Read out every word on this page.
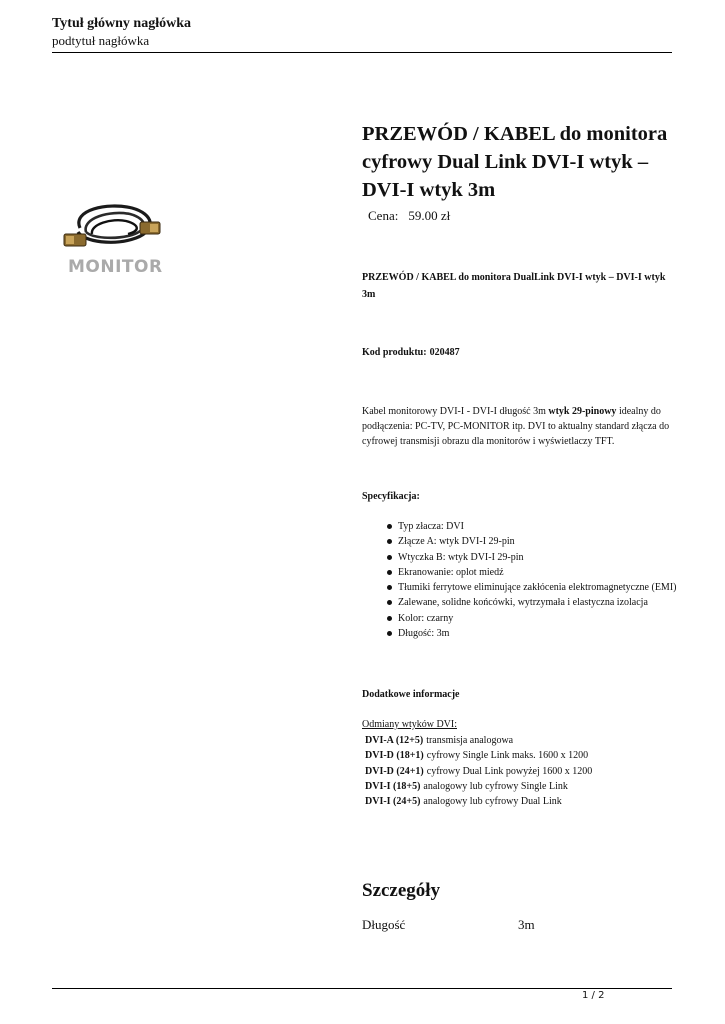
Tytuł główny nagłówka
podtytuł nagłówka
MONITOR
PRZEWÓD / KABEL do monitora cyfrowy Dual Link DVI-I wtyk – DVI-I wtyk 3m
Cena: 59.00 zł
PRZEWÓD / KABEL do monitora DualLink DVI-I wtyk – DVI-I wtyk 3m
Kod produktu: 020487
Kabel monitorowy DVI-I - DVI-I długość 3m wtyk 29-pinowy idealny do podłączenia: PC-TV, PC-MONITOR itp. DVI to aktualny standard złącza do cyfrowej transmisji obrazu dla monitorów i wyświetlaczy TFT.
Specyfikacja:
Typ złacza: DVI
Złącze A: wtyk DVI-I 29-pin
Wtyczka B: wtyk DVI-I 29-pin
Ekranowanie: oplot miedź
Tłumiki ferrytowe eliminujące zakłócenia elektromagnetyczne (EMI)
Zalewane, solidne końcówki, wytrzymała i elastyczna izolacja
Kolor: czarny
Długość: 3m
Dodatkowe informacje
Odmiany wtyków DVI:
DVI-A (12+5) transmisja analogowa
DVI-D (18+1) cyfrowy Single Link maks. 1600 x 1200
DVI-D (24+1) cyfrowy Dual Link powyżej 1600 x 1200
DVI-I (18+5) analogowy lub cyfrowy Single Link
DVI-I (24+5) analogowy lub cyfrowy Dual Link
Szczegóły
Długość	3m
1 / 2
